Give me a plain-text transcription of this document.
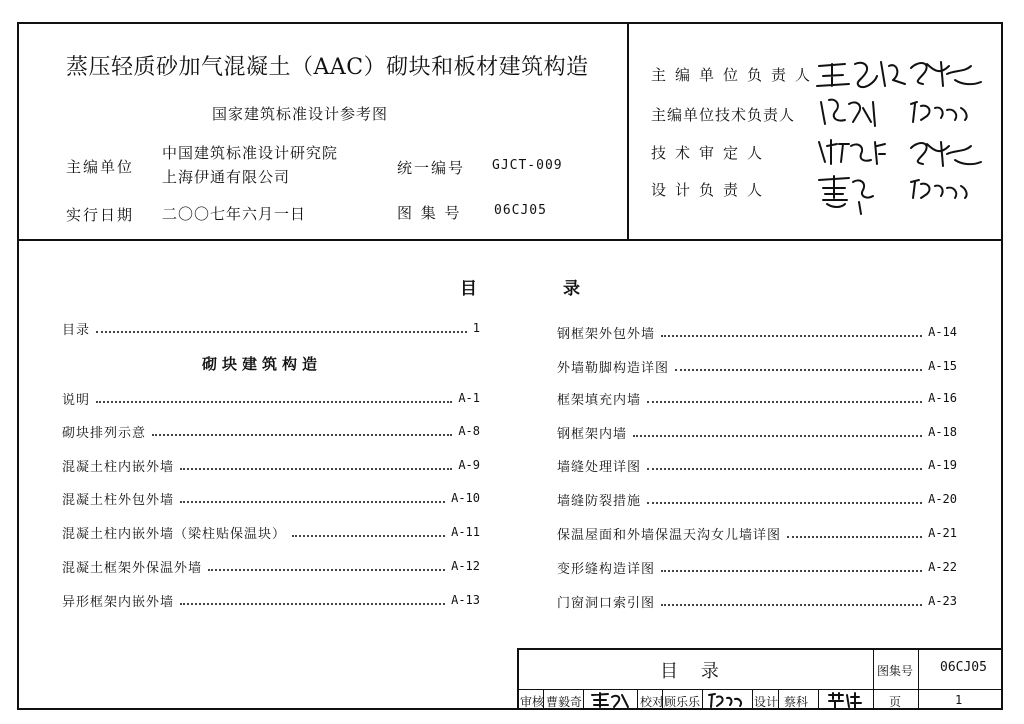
蒸压轻质砂加气混凝土（AAC）砌块和板材建筑构造
国家建筑标准设计参考图
主编单位
中国建筑标准设计研究院
上海伊通有限公司	统一编号 GJCT-009
实行日期 二〇〇七年六月一日	图 集 号 06CJ05
主编单位负责人
主编单位技术负责人
技术审定人
设计负责人
目	录
目录	1
砌块建筑构造
说明	A-1
砌块排列示意	A-8
混凝土柱内嵌外墙	A-9
混凝土柱外包外墙	A-10
混凝土柱内嵌外墙（梁柱贴保温块）	A-11
混凝土框架外保温外墙	A-12
异形框架内嵌外墙	A-13
钢框架外包外墙	A-14
外墙勒脚构造详图	A-15
框架填充内墙	A-16
钢框架内墙	A-18
墙缝处理详图	A-19
墙缝防裂措施	A-20
保温屋面和外墙保温天沟女儿墙详图	A-21
变形缝构造详图	A-22
门窗洞口索引图	A-23
目    录	图集号 06CJ05
审核 曹毅奇	校对 顾乐乐	设计 蔡科	页	1
